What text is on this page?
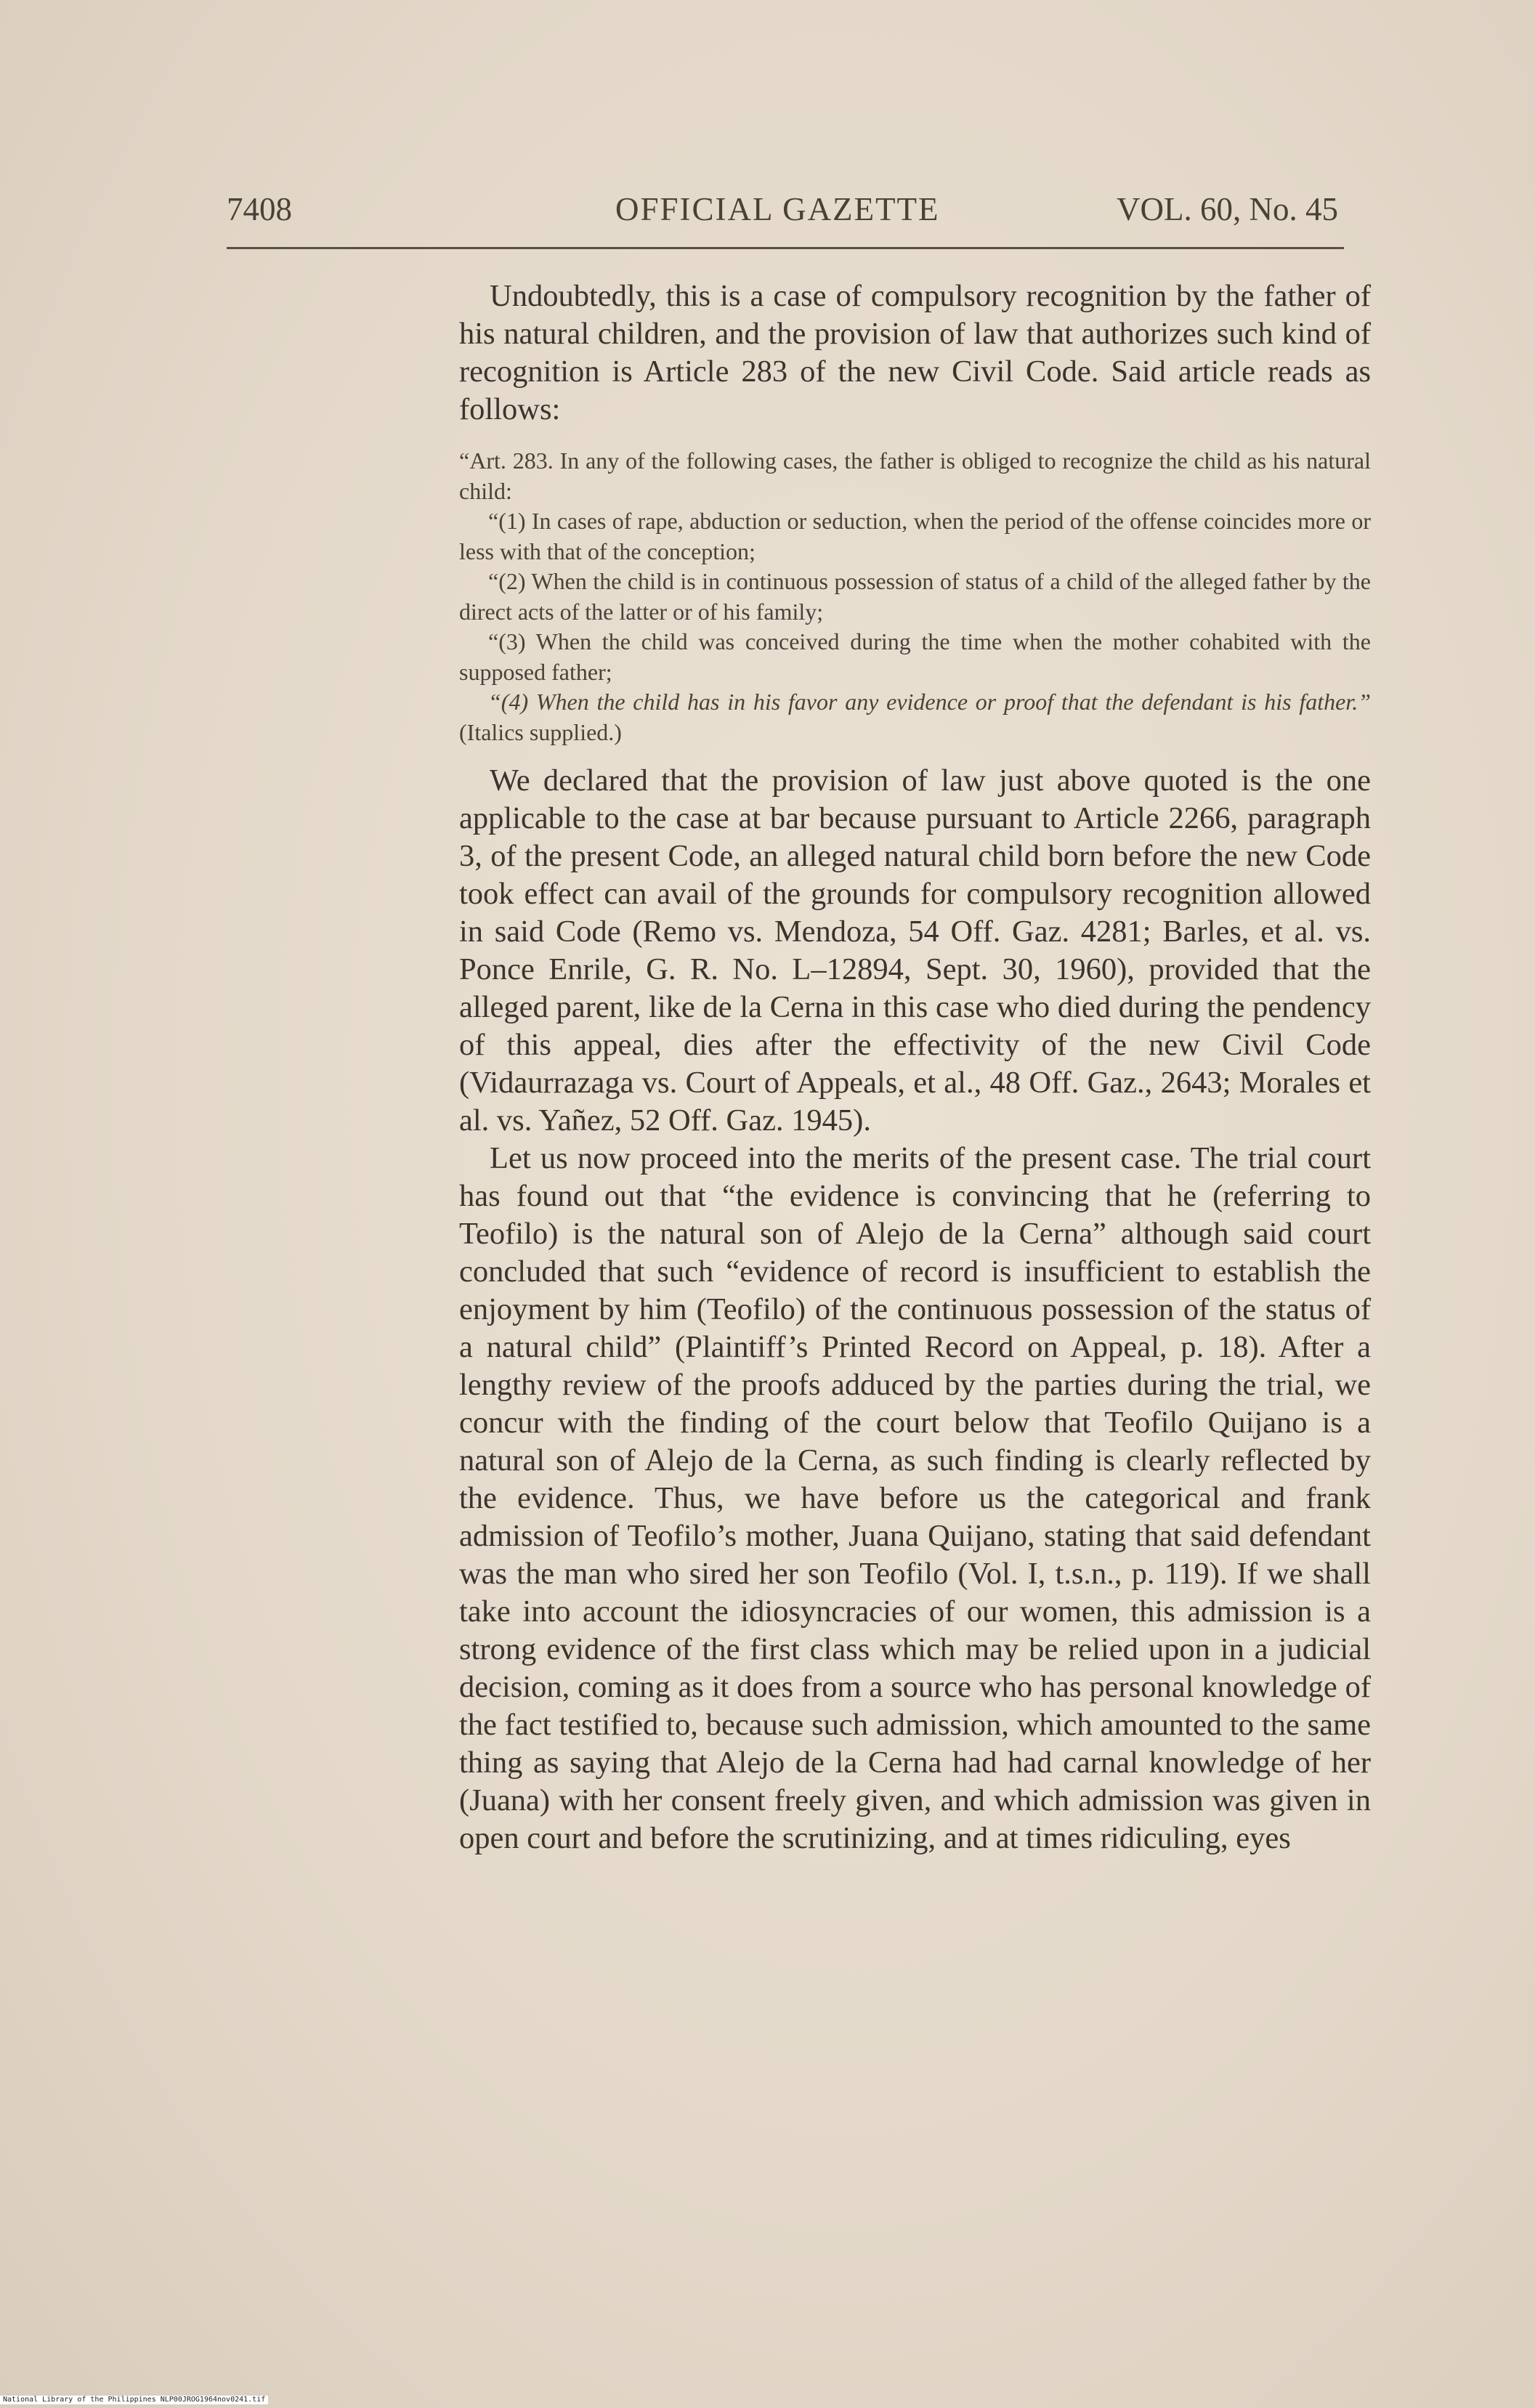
7408	OFFICIAL GAZETTE	VOL. 60, No. 45

Undoubtedly, this is a case of compulsory recognition by the father of his natural children, and the provision of law that authorizes such kind of recognition is Article 283 of the new Civil Code. Said article reads as follows:

“Art. 283. In any of the following cases, the father is obliged to recognize the child as his natural child:

“(1) In cases of rape, abduction or seduction, when the period of the offense coincides more or less with that of the conception;

“(2) When the child is in continuous possession of status of a child of the alleged father by the direct acts of the latter or of his family;

“(3) When the child was conceived during the time when the mother cohabited with the supposed father;

“(4) When the child has in his favor any evidence or proof that the defendant is his father.” (Italics supplied.)

We declared that the provision of law just above quoted is the one applicable to the case at bar because pursuant to Article 2266, paragraph 3, of the present Code, an alleged natural child born before the new Code took effect can avail of the grounds for compulsory recognition allowed in said Code (Remo vs. Mendoza, 54 Off. Gaz. 4281; Barles, et al. vs. Ponce Enrile, G. R. No. L–12894, Sept. 30, 1960), provided that the alleged parent, like de la Cerna in this case who died during the pendency of this appeal, dies after the effectivity of the new Civil Code (Vidaurrazaga vs. Court of Appeals, et al., 48 Off. Gaz., 2643; Morales et al. vs. Yañez, 52 Off. Gaz. 1945).

Let us now proceed into the merits of the present case. The trial court has found out that “the evidence is convincing that he (referring to Teofilo) is the natural son of Alejo de la Cerna” although said court concluded that such “evidence of record is insufficient to establish the enjoyment by him (Teofilo) of the continuous possession of the status of a natural child” (Plaintiff’s Printed Record on Appeal, p. 18). After a lengthy review of the proofs adduced by the parties during the trial, we concur with the finding of the court below that Teofilo Quijano is a natural son of Alejo de la Cerna, as such finding is clearly reflected by the evidence. Thus, we have before us the categorical and frank admission of Teofilo’s mother, Juana Quijano, stating that said defendant was the man who sired her son Teofilo (Vol. I, t.s.n., p. 119). If we shall take into account the idiosyncracies of our women, this admission is a strong evidence of the first class which may be relied upon in a judicial decision, coming as it does from a source who has personal knowledge of the fact testified to, because such admission, which amounted to the same thing as saying that Alejo de la Cerna had had carnal knowledge of her (Juana) with her consent freely given, and which admission was given in open court and before the scrutinizing, and at times ridiculing, eyes

National Library of the Philippines NLP00JROG1964nov0241.tif
